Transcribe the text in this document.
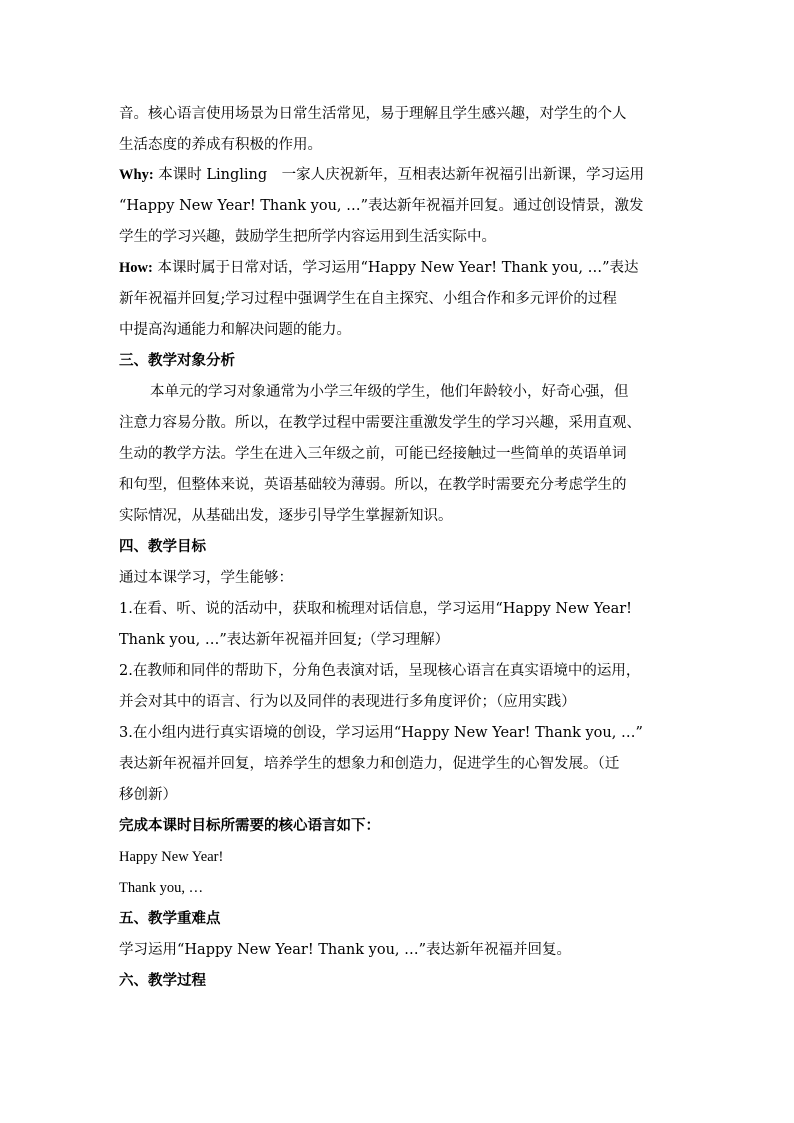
音。核心语言使用场景为日常生活常见，易于理解且学生感兴趣，对学生的个人
生活态度的养成有积极的作用。
Why: 本课时 Lingling　一家人庆祝新年，互相表达新年祝福引出新课，学习运用
“Happy New Year! Thank you, …”表达新年祝福并回复。通过创设情景，激发
学生的学习兴趣，鼓励学生把所学内容运用到生活实际中。
How: 本课时属于日常对话，学习运用“Happy New Year! Thank you, …”表达
新年祝福并回复;学习过程中强调学生在自主探究、小组合作和多元评价的过程
中提高沟通能力和解决问题的能力。
三、教学对象分析
本单元的学习对象通常为小学三年级的学生，他们年龄较小，好奇心强，但
注意力容易分散。所以，在教学过程中需要注重激发学生的学习兴趣，采用直观、
生动的教学方法。学生在进入三年级之前，可能已经接触过一些简单的英语单词
和句型，但整体来说，英语基础较为薄弱。所以，在教学时需要充分考虑学生的
实际情况，从基础出发，逐步引导学生掌握新知识。
四、教学目标
通过本课学习，学生能够：
1.在看、听、说的活动中，获取和梳理对话信息，学习运用“Happy New Year!
Thank you, …”表达新年祝福并回复;（学习理解）
2.在教师和同伴的帮助下，分角色表演对话，呈现核心语言在真实语境中的运用，
并会对其中的语言、行为以及同伴的表现进行多角度评价；（应用实践）
3.在小组内进行真实语境的创设，学习运用“Happy New Year! Thank you, …”
表达新年祝福并回复，培养学生的想象力和创造力，促进学生的心智发展。（迁
移创新）
完成本课时目标所需要的核心语言如下：
Happy New Year!
Thank you, …
五、教学重难点
学习运用“Happy New Year! Thank you, …”表达新年祝福并回复。
六、教学过程
